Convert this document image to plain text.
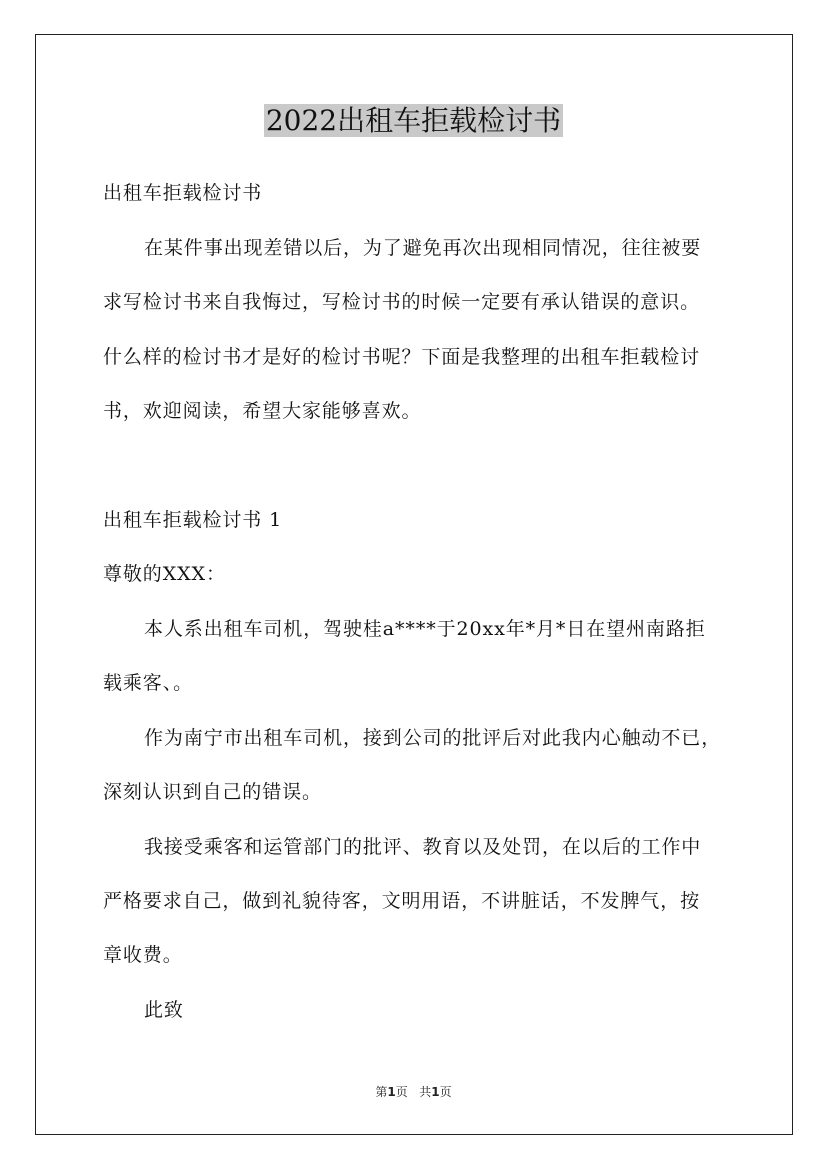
2022出租车拒载检讨书
出租车拒载检讨书
在某件事出现差错以后，为了避免再次出现相同情况，往往被要
求写检讨书来自我悔过，写检讨书的时候一定要有承认错误的意识。
什么样的检讨书才是好的检讨书呢？下面是我整理的出租车拒载检讨
书，欢迎阅读，希望大家能够喜欢。
出租车拒载检讨书 1
尊敬的XXX：
本人系出租车司机，驾驶桂a****于20xx年*月*日在望州南路拒
载乘客、。
作为南宁市出租车司机，接到公司的批评后对此我内心触动不已，
深刻认识到自己的错误。
我接受乘客和运管部门的批评、教育以及处罚，在以后的工作中
严格要求自己，做到礼貌待客，文明用语，不讲脏话，不发脾气，按
章收费。
此致
第1页 共1页
